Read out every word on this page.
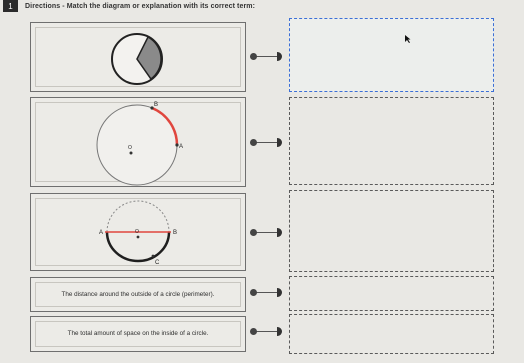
1	Directions - Match the diagram or explanation with its correct term:
B
A
O
A	B
C
O
The distance around the outside of a circle (perimeter).
The total amount of space on the inside of a circle.
